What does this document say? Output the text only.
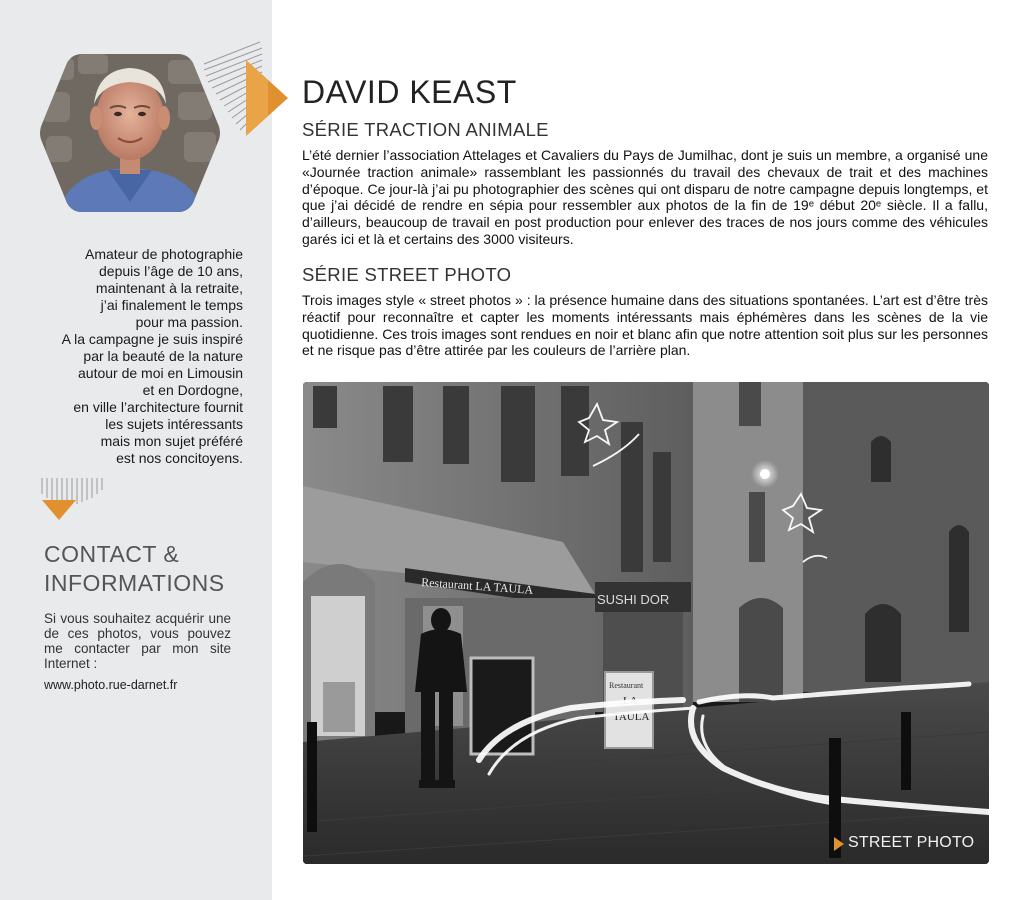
Amateur de photographie
depuis l’âge de 10 ans,
maintenant à la retraite,
j’ai finalement le temps
pour ma passion.
A la campagne je suis inspiré
par la beauté de la nature
autour de moi en Limousin
et en Dordogne,
en ville l’architecture fournit
les sujets intéressants
mais mon sujet préféré
est nos concitoyens.
CONTACT & INFORMATIONS
Si vous souhaitez acquérir une de ces photos, vous pouvez me contacter par mon site Internet :
www.photo.rue-darnet.fr
DAVID KEAST
SÉRIE TRACTION ANIMALE
L’été dernier l’association Attelages et Cavaliers du Pays de Jumilhac, dont je suis un membre, a organisé une «Journée traction animale» rassemblant les passionnés du travail des chevaux de trait et des machines d’époque. Ce jour-là j’ai pu photographier des scènes qui ont disparu de notre campagne depuis longtemps, et que j’ai décidé de rendre en sépia pour ressembler aux photos de la fin de 19ᵉ début 20ᵉ siècle. Il a fallu, d’ailleurs, beaucoup de travail en post production pour enlever des traces de nos jours comme des véhicules garés ici et là et certains des 3000 visiteurs.
SÉRIE STREET PHOTO
Trois images style « street photos » : la présence humaine dans des situations spontanées. L’art est d’être très réactif pour reconnaître et capter les moments intéressants mais éphémères dans les scènes de la vie quotidienne. Ces trois images sont rendues en noir et blanc afin que notre attention soit plus sur les personnes et ne risque pas d’être attirée par les couleurs de l’arrière plan.
Restaurant LA TAULA
SUSHI DOR
Restaurant
LA
TAULA
STREET PHOTO
